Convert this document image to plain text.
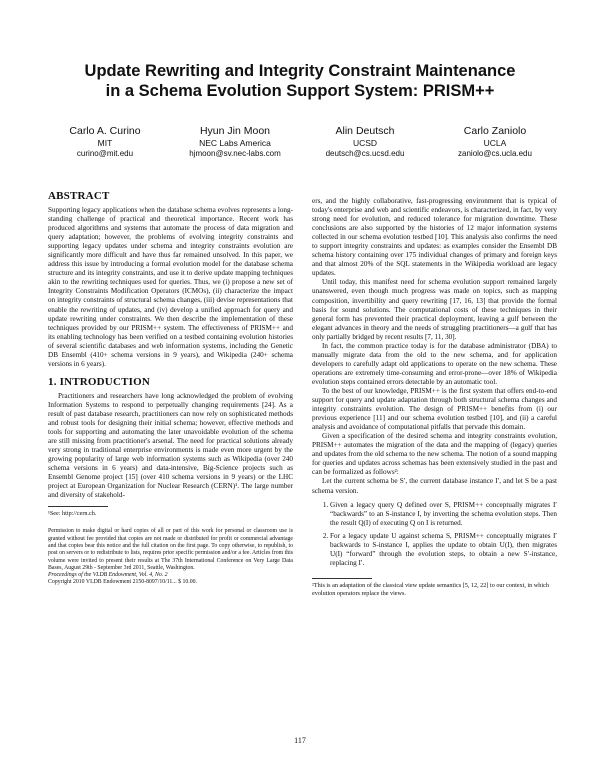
Update Rewriting and Integrity Constraint Maintenance
in a Schema Evolution Support System: PRISM++
Carlo A. Curino
MIT
curino@mit.edu
Hyun Jin Moon
NEC Labs America
hjmoon@sv.nec-labs.com
Alin Deutsch
UCSD
deutsch@cs.ucsd.edu
Carlo Zaniolo
UCLA
zaniolo@cs.ucla.edu
ABSTRACT

Supporting legacy applications when the database schema evolves represents a long-standing challenge of practical and theoretical importance. Recent work has produced algorithms and systems that automate the process of data migration and query adaptation; however, the problems of evolving integrity constraints and supporting legacy updates under schema and integrity constraints evolution are significantly more difficult and have thus far remained unsolved. In this paper, we address this issue by introducing a formal evolution model for the database schema structure and its integrity constraints, and use it to derive update mapping techniques akin to the rewriting techniques used for queries. Thus, we (i) propose a new set of Integrity Constraints Modification Operators (ICMOs), (ii) characterize the impact on integrity constraints of structural schema changes, (iii) devise representations that enable the rewriting of updates, and (iv) develop a unified approach for query and update rewriting under constraints. We then describe the implementation of these techniques provided by our PRISM++ system. The effectiveness of PRISM++ and its enabling technology has been verified on a testbed containing evolution histories of several scientific databases and web information systems, including the Genetic DB Ensembl (410+ schema versions in 9 years), and Wikipedia (240+ schema versions in 6 years).

1. INTRODUCTION

Practitioners and researchers have long acknowledged the problem of evolving Information Systems to respond to perpetually changing requirements [24]. As a result of past database research, practitioners can now rely on sophisticated methods and robust tools for designing their initial schema; however, effective methods and tools for supporting and automating the later unavoidable evolution of the schema are still missing from practitioner's arsenal. The need for practical solutions already very strong in traditional enterprise environments is made even more urgent by the growing popularity of large web information systems such as Wikipedia (over 240 schema versions in 6 years) and data-intensive, Big-Science projects such as Ensembl Genome project [15] (over 410 schema versions in 9 years) or the LHC project at European Organization for Nuclear Research (CERN)¹. The large number and diversity of stakehold-

¹See: http://cern.ch.
Permission to make digital or hard copies of all or part of this work for personal or classroom use is granted without fee provided that copies are not made or distributed for profit or commercial advantage and that copies bear this notice and the full citation on the first page. To copy otherwise, to republish, to post on servers or to redistribute to lists, requires prior specific permission and/or a fee. Articles from this volume were invited to present their results at The 37th International Conference on Very Large Data Bases, August 29th - September 3rd 2011, Seattle, Washington.
Proceedings of the VLDB Endowment, Vol. 4, No. 2
Copyright 2010 VLDB Endowment 2150-8097/10/11... $ 10.00.

ers, and the highly collaborative, fast-progressing environment that is typical of today's enterprise and web and scientific endeavors, is characterized, in fact, by very strong need for evolution, and reduced tolerance for migration downtime. These conclusions are also supported by the histories of 12 major information systems collected in our schema evolution testbed [10]. This analysis also confirms the need to support integrity constraints and updates: as examples consider the Ensembl DB schema history containing over 175 individual changes of primary and foreign keys and that almost 20% of the SQL statements in the Wikipedia workload are legacy updates.

Until today, this manifest need for schema evolution support remained largely unanswered, even though much progress was made on topics, such as mapping composition, invertibility and query rewriting [17, 16, 13] that provide the formal basis for sound solutions. The computational costs of these techniques in their general form has prevented their practical deployment, leaving a gulf between the elegant advances in theory and the needs of struggling practitioners—a gulf that has only partially bridged by recent results [7, 11, 30].

In fact, the common practice today is for the database administrator (DBA) to manually migrate data from the old to the new schema, and for application developers to carefully adapt old applications to operate on the new schema. These operations are extremely time-consuming and error-prone—over 18% of Wikipedia evolution steps contained errors detectable by an automatic tool.

To the best of our knowledge, PRISM++ is the first system that offers end-to-end support for query and update adaptation through both structural schema changes and integrity constraints evolution. The design of PRISM++ benefits from (i) our previous experience [11] and our schema evolution testbed [10], and (ii) a careful analysis and avoidance of computational pitfalls that pervade this domain.

Given a specification of the desired schema and integrity constraints evolution, PRISM++ automates the migration of the data and the mapping of (legacy) queries and updates from the old schema to the new schema. The notion of a sound mapping for queries and updates across schemas has been extensively studied in the past and can be formalized as follows²:

Let the current schema be S′, the current database instance I′, and let S be a past schema version.

1. Given a legacy query Q defined over S, PRISM++ conceptually migrates I′ “backwards” to an S-instance I, by inverting the schema evolution steps. Then the result Q(I) of executing Q on I is returned.
2. For a legacy update U against schema S, PRISM++ conceptually migrates I′ backwards to S-instance I, applies the update to obtain U(I), then migrates U(I) “forward” through the evolution steps, to obtain a new S′-instance, replacing I′.
²This is an adaptation of the classical view update semantics [5, 12, 22] to our context, in which evolution operators replace the views.
117
